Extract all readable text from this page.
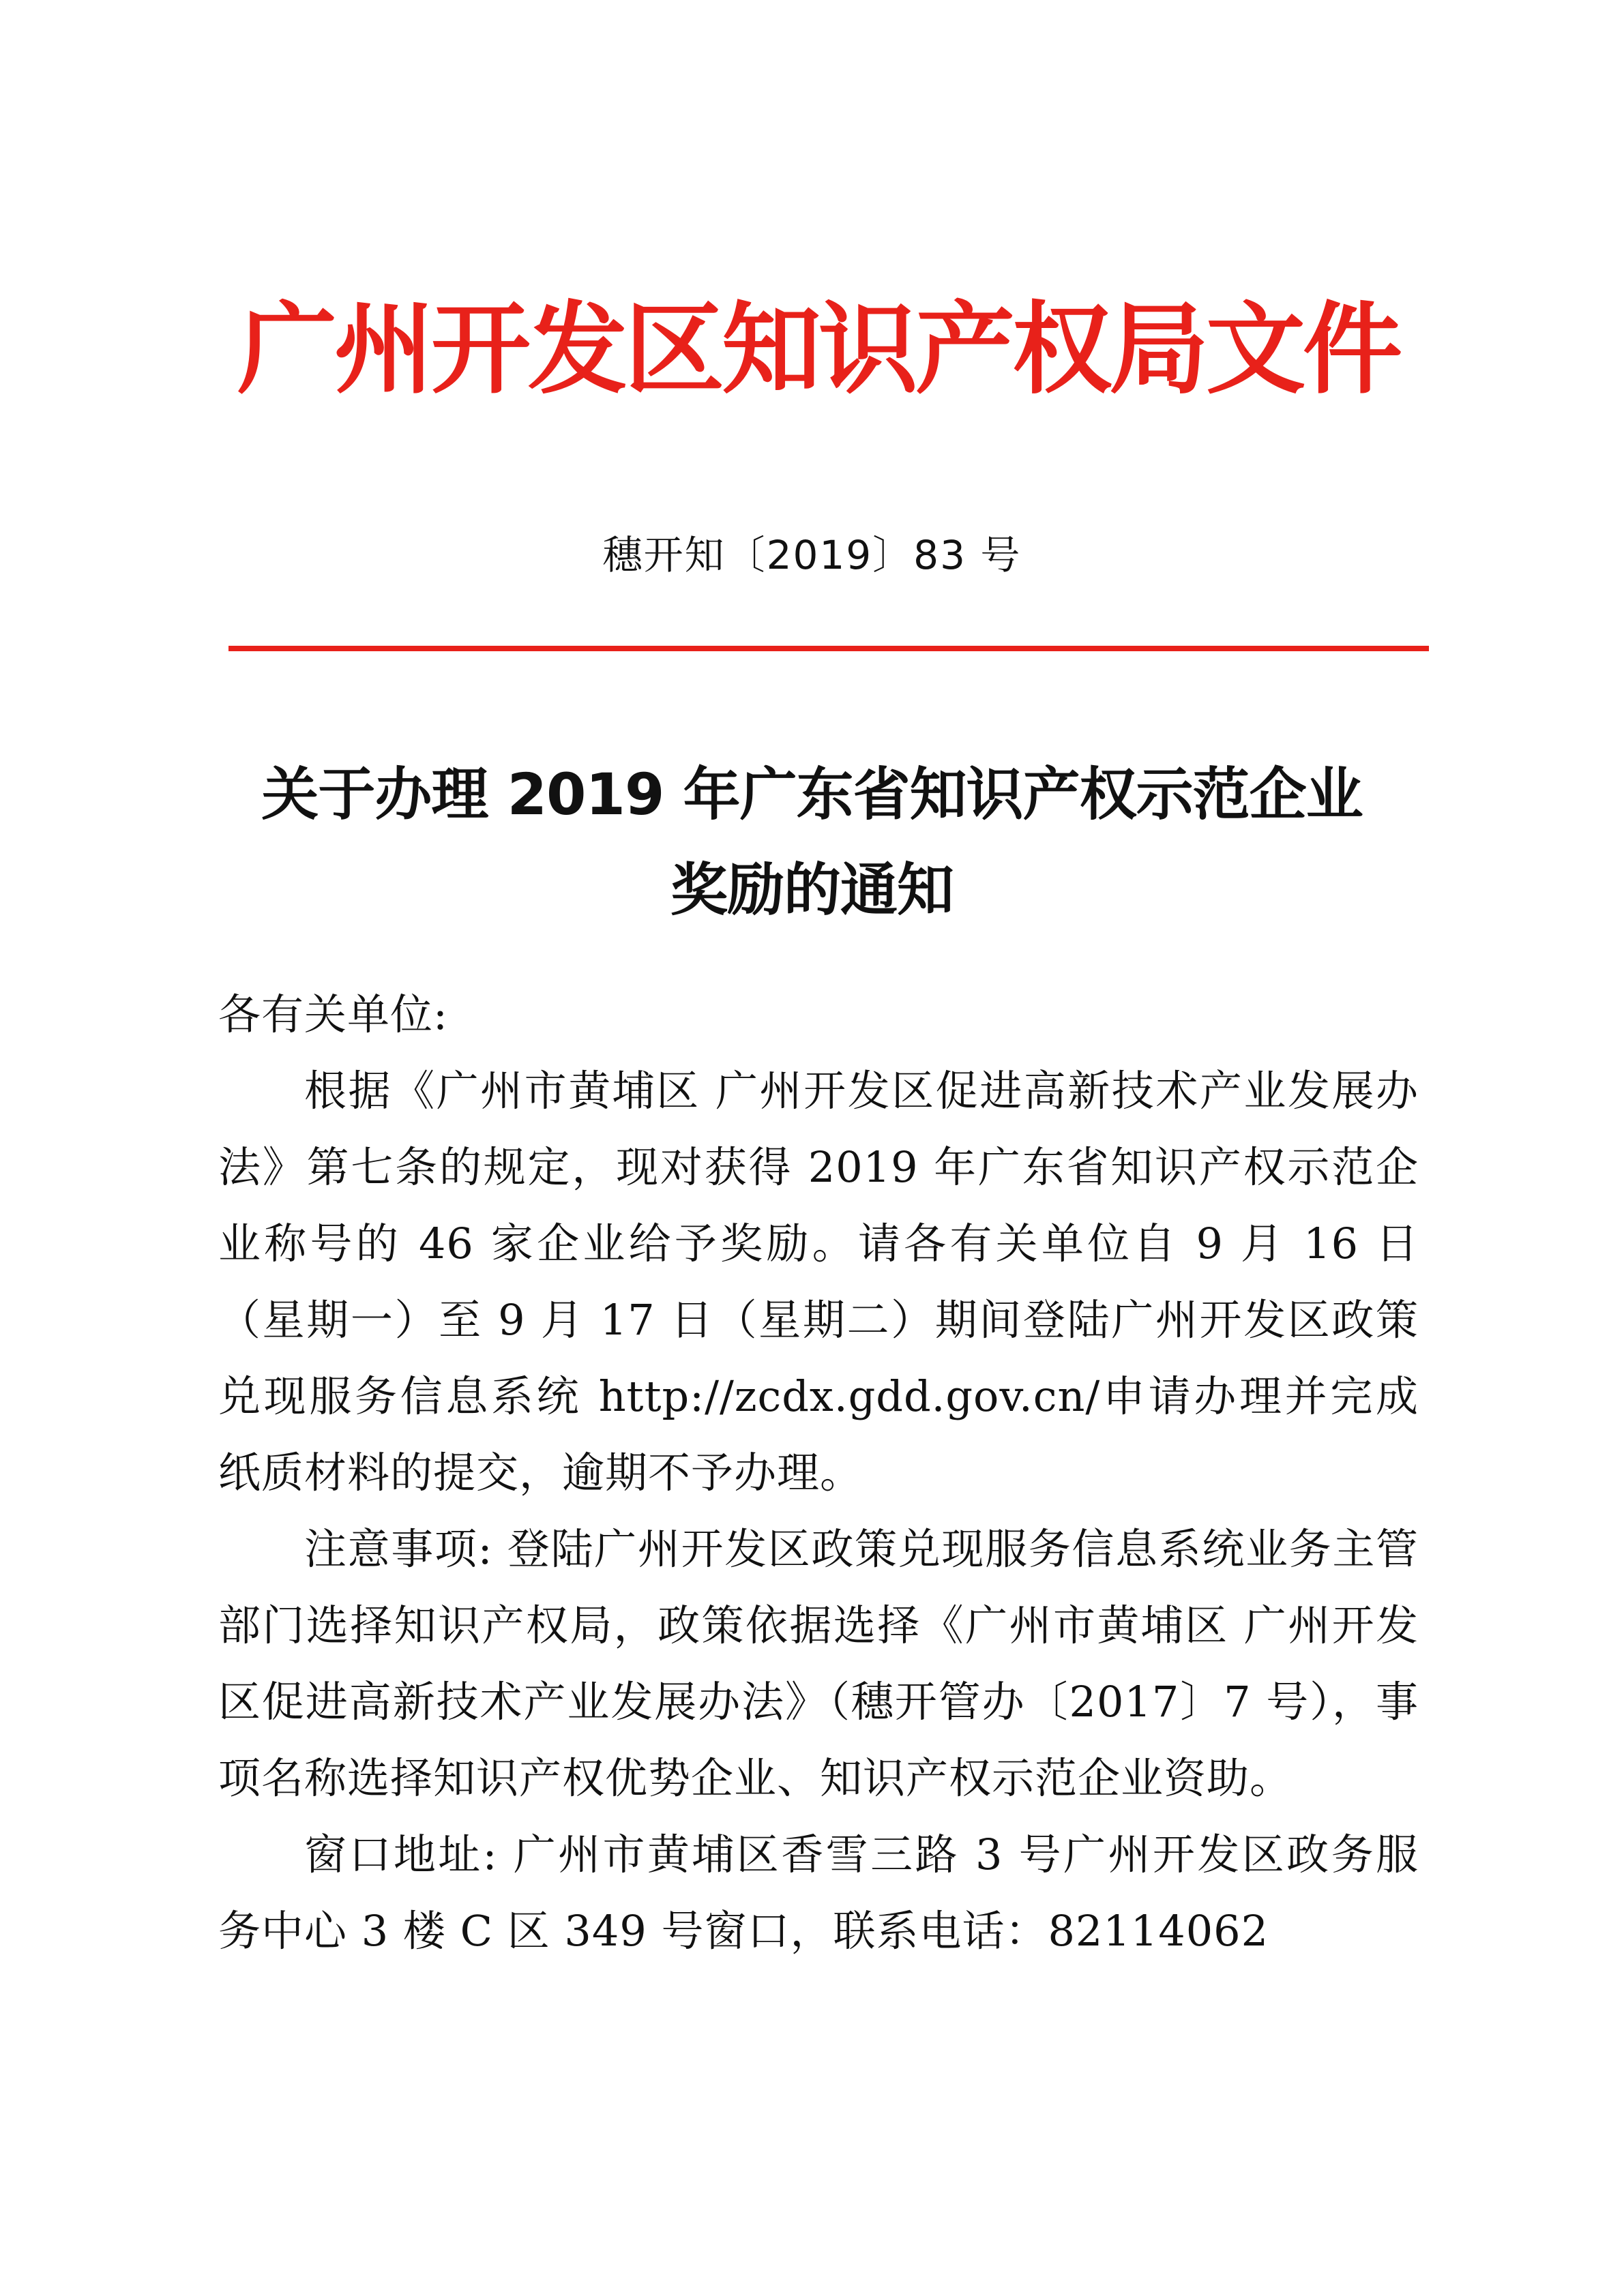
广州开发区知识产权局文件
穗开知〔2019〕83 号
关于办理 2019 年广东省知识产权示范企业
奖励的通知

各有关单位:

根据《广州市黄埔区 广州开发区促进高新技术产业发展办法》第七条的规定，现对获得 2019 年广东省知识产权示范企业称号的 46 家企业给予奖励。请各有关单位自 9 月 16 日（星期一）至 9 月 17 日（星期二）期间登陆广州开发区政策兑现服务信息系统 http://zcdx.gdd.gov.cn/申请办理并完成纸质材料的提交，逾期不予办理。

注意事项: 登陆广州开发区政策兑现服务信息系统业务主管部门选择知识产权局，政策依据选择《广州市黄埔区 广州开发区促进高新技术产业发展办法》（穗开管办〔2017〕7 号），事项名称选择知识产权优势企业、知识产权示范企业资助。

窗口地址: 广州市黄埔区香雪三路 3 号广州开发区政务服务中心 3 楼 C 区 349 号窗口，联系电话：82114062
